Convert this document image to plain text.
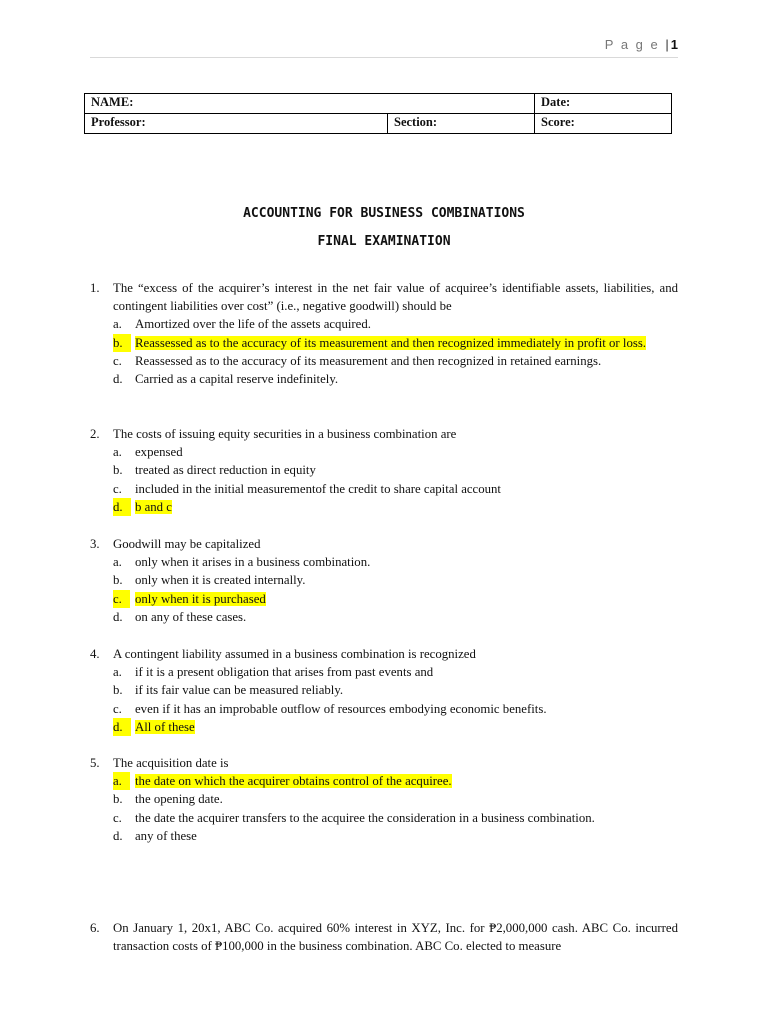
P a g e | 1
NAME:		Date:
Professor:	Section:	Score:
ACCOUNTING FOR BUSINESS COMBINATIONS
FINAL EXAMINATION
1. The “excess of the acquirer’s interest in the net fair value of acquiree’s identifiable assets, liabilities, and contingent liabilities over cost” (i.e., negative goodwill) should be
a. Amortized over the life of the assets acquired.
b. Reassessed as to the accuracy of its measurement and then recognized immediately in profit or loss.
c. Reassessed as to the accuracy of its measurement and then recognized in retained earnings.
d. Carried as a capital reserve indefinitely.
2. The costs of issuing equity securities in a business combination are
a. expensed
b. treated as direct reduction in equity
c. included in the initial measurementof the credit to share capital account
d. b and c
3. Goodwill may be capitalized
a. only when it arises in a business combination.
b. only when it is created internally.
c.	only when it is purchased
d. on any of these cases.
4. A contingent liability assumed in a business combination is recognized
a. if it is a present obligation that arises from past events and
b. if its fair value can be measured reliably.
c. even if it has an improbable outflow of resources embodying economic benefits.
d. All of these
5. The acquisition date is
a.	the date on which the acquirer obtains control of the acquiree.
b. the opening date.
c. the date the acquirer transfers to the acquiree the consideration in a business combination.
d. any of these
6. On January 1, 20x1, ABC Co. acquired 60% interest in XYZ, Inc. for ₱2,000,000 cash. ABC Co. incurred transaction costs of ₱100,000 in the business combination. ABC Co. elected to measure
